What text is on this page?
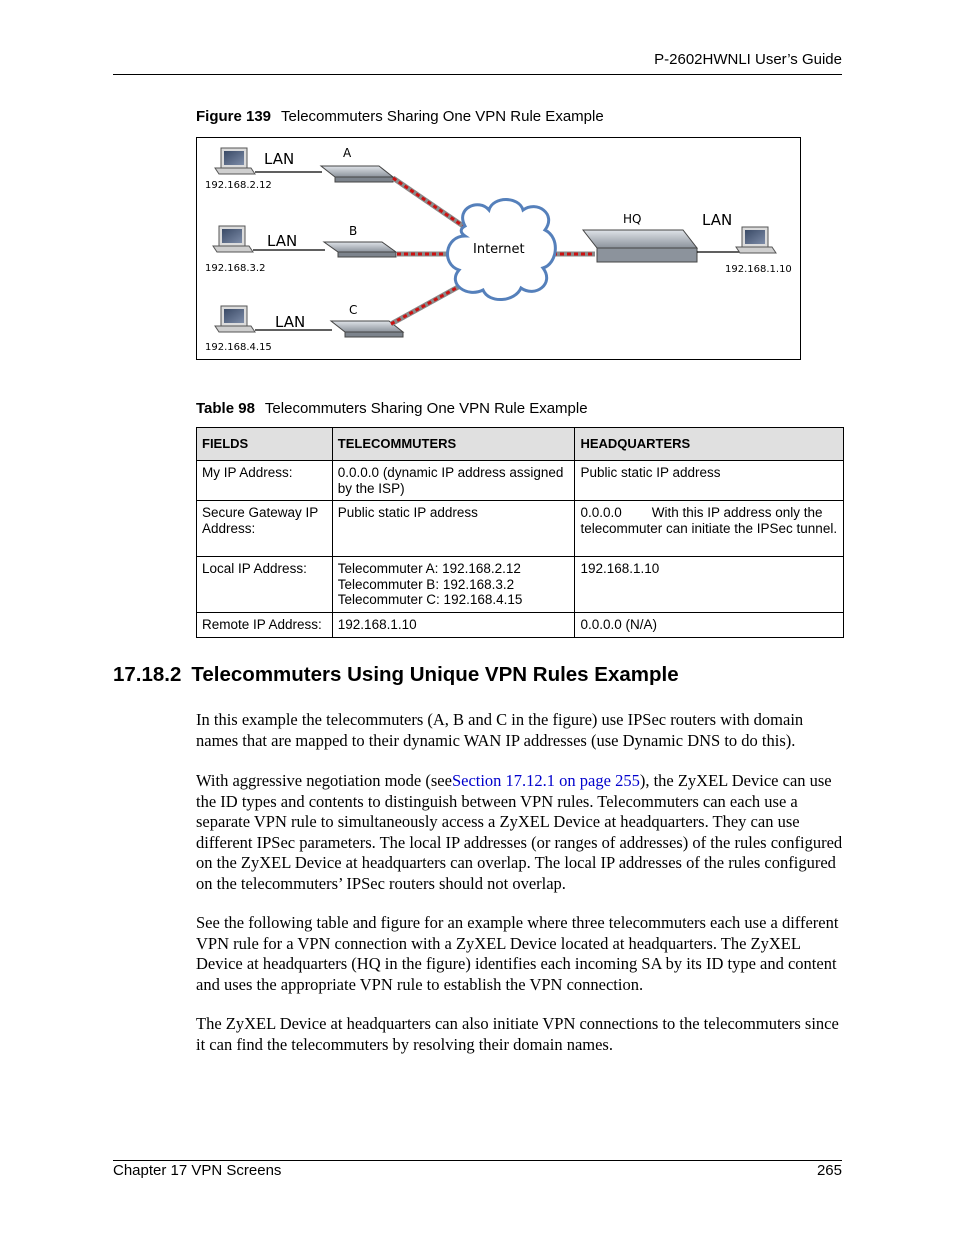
P-2602HWNLI User’s Guide
Figure 139 Telecommuters Sharing One VPN Rule Example
LAN
192.168.2.12
A
LAN
192.168.3.2
B
LAN
192.168.4.15
C
Internet
HQ	LAN
192.168.1.10
Table 98 Telecommuters Sharing One VPN Rule Example
FIELDS	TELECOMMUTERS	HEADQUARTERS
My IP Address:	0.0.0.0 (dynamic IP address assigned by the ISP)	Public static IP address
Secure Gateway IP Address:	Public static IP address	0.0.0.0        With this IP address only the telecommuter can initiate the IPSec tunnel.
Local IP Address:	Telecommuter A: 192.168.2.12
Telecommuter B: 192.168.3.2
Telecommuter C: 192.168.4.15	192.168.1.10
Remote IP Address:	192.168.1.10	0.0.0.0 (N/A)
17.18.2 Telecommuters Using Unique VPN Rules Example
In this example the telecommuters (A, B and C in the figure) use IPSec routers with domain names that are mapped to their dynamic WAN IP addresses (use Dynamic DNS to do this).
With aggressive negotiation mode (seeSection 17.12.1 on page 255), the ZyXEL Device can use the ID types and contents to distinguish between VPN rules. Telecommuters can each use a separate VPN rule to simultaneously access a ZyXEL Device at headquarters. They can use different IPSec parameters. The local IP addresses (or ranges of addresses) of the rules configured on the ZyXEL Device at headquarters can overlap. The local IP addresses of the rules configured on the telecommuters’ IPSec routers should not overlap.
See the following table and figure for an example where three telecommuters each use a different VPN rule for a VPN connection with a ZyXEL Device located at headquarters. The ZyXEL Device at headquarters (HQ in the figure) identifies each incoming SA by its ID type and content and uses the appropriate VPN rule to establish the VPN connection.
The ZyXEL Device at headquarters can also initiate VPN connections to the telecommuters since it can find the telecommuters by resolving their domain names.
Chapter 17 VPN Screens	265
